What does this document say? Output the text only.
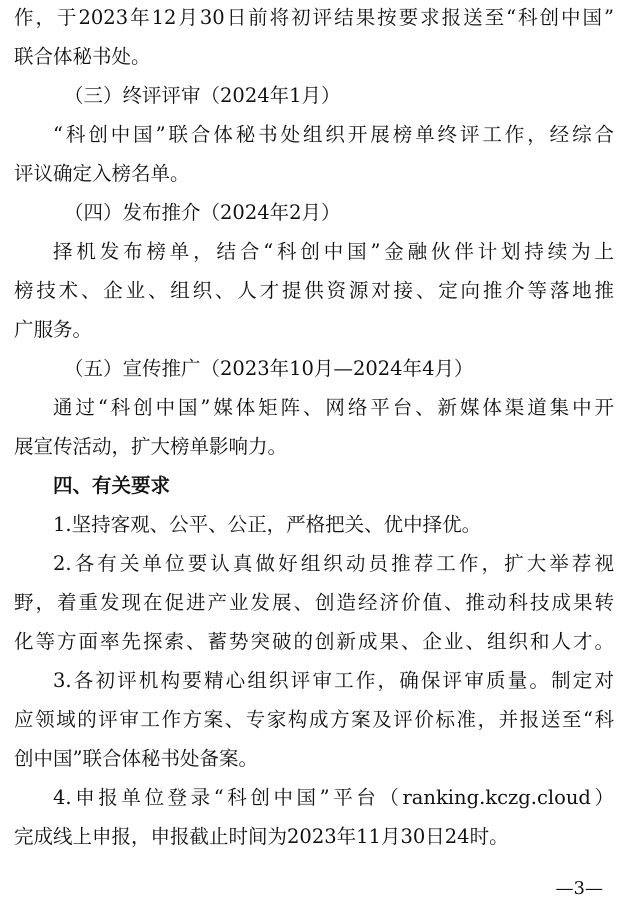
作，于2023年12月30日前将初评结果按要求报送至“科创中国”
联合体秘书处。
（三）终评评审（2024年1月）
“科创中国”联合体秘书处组织开展榜单终评工作，经综合
评议确定入榜名单。
（四）发布推介（2024年2月）
择机发布榜单，结合“科创中国”金融伙伴计划持续为上
榜技术、企业、组织、人才提供资源对接、定向推介等落地推
广服务。
（五）宣传推广（2023年10月—2024年4月）
通过“科创中国”媒体矩阵、网络平台、新媒体渠道集中开
展宣传活动，扩大榜单影响力。
四、有关要求
1.坚持客观、公平、公正，严格把关、优中择优。
2.各有关单位要认真做好组织动员推荐工作，扩大举荐视
野，着重发现在促进产业发展、创造经济价值、推动科技成果转
化等方面率先探索、蓄势突破的创新成果、企业、组织和人才。
3.各初评机构要精心组织评审工作，确保评审质量。制定对
应领域的评审工作方案、专家构成方案及评价标准，并报送至“科
创中国”联合体秘书处备案。
4.申报单位登录“科创中国”平台（ranking.kczg.cloud）
完成线上申报，申报截止时间为2023年11月30日24时。
—3—
